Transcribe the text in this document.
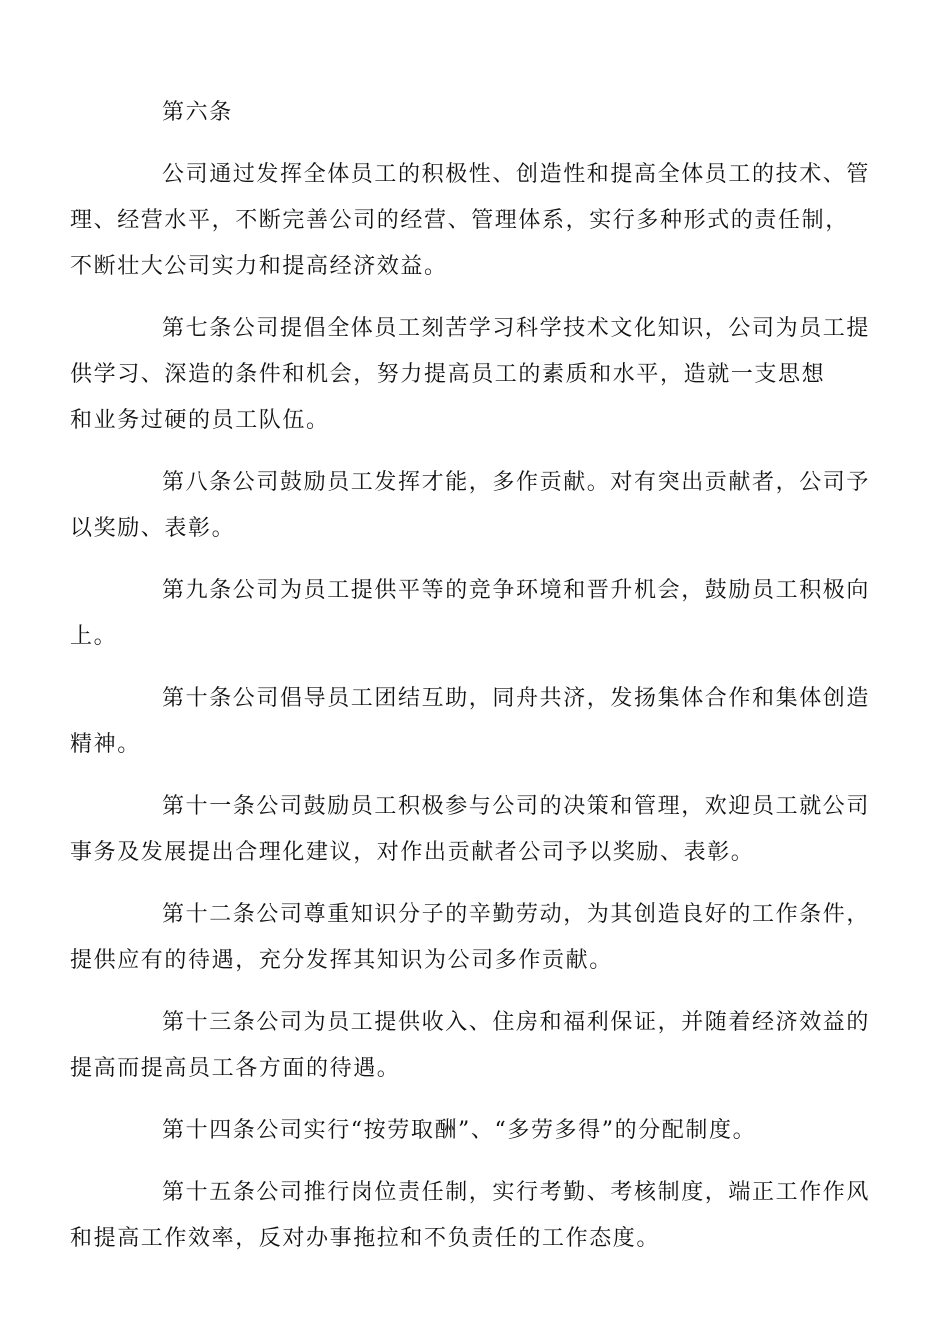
第六条

公司通过发挥全体员工的积极性、创造性和提高全体员工的技术、管
理、经营水平，不断完善公司的经营、管理体系，实行多种形式的责任制，
不断壮大公司实力和提高经济效益。

第七条公司提倡全体员工刻苦学习科学技术文化知识，公司为员工提
供学习、深造的条件和机会，努力提高员工的素质和水平，造就一支思想
和业务过硬的员工队伍。

第八条公司鼓励员工发挥才能，多作贡献。对有突出贡献者，公司予
以奖励、表彰。

第九条公司为员工提供平等的竞争环境和晋升机会，鼓励员工积极向
上。

第十条公司倡导员工团结互助，同舟共济，发扬集体合作和集体创造
精神。

第十一条公司鼓励员工积极参与公司的决策和管理，欢迎员工就公司
事务及发展提出合理化建议，对作出贡献者公司予以奖励、表彰。

第十二条公司尊重知识分子的辛勤劳动，为其创造良好的工作条件，
提供应有的待遇，充分发挥其知识为公司多作贡献。

第十三条公司为员工提供收入、住房和福利保证，并随着经济效益的
提高而提高员工各方面的待遇。

第十四条公司实行“按劳取酬”、“多劳多得”的分配制度。

第十五条公司推行岗位责任制，实行考勤、考核制度，端正工作作风
和提高工作效率，反对办事拖拉和不负责任的工作态度。
